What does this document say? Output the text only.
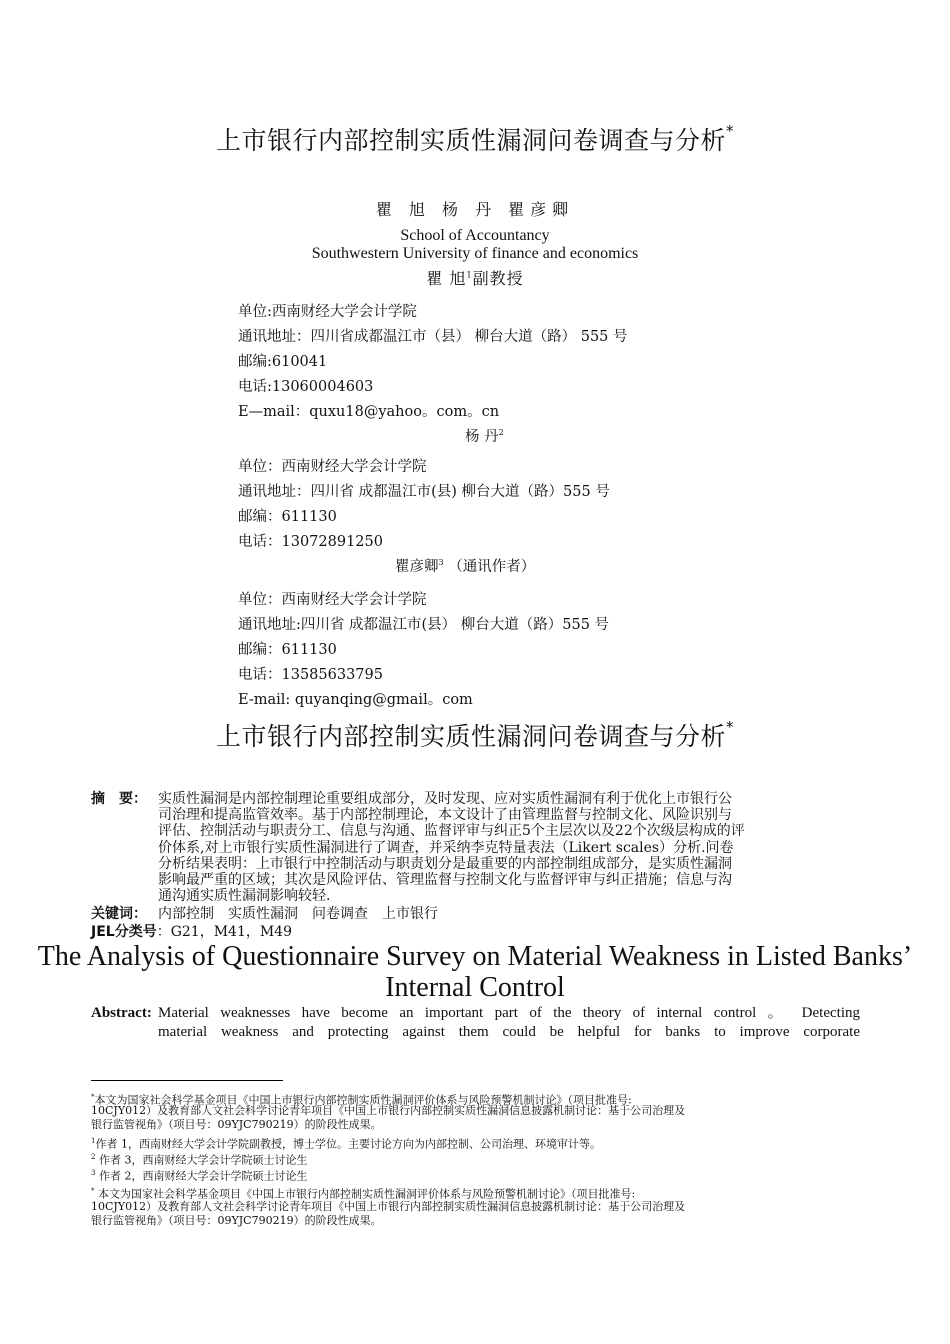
上市银行内部控制实质性漏洞问卷调查与分析*
瞿 旭 杨 丹 瞿彦卿
School of Accountancy
Southwestern University of finance and economics
瞿 旭$^1$副教授
单位:西南财经大学会计学院
通讯地址：四川省成都温江市（县） 柳台大道（路） 555 号
邮编:610041
电话:13060004603
E—mail：quxu18@yahoo。com。cn
杨 丹$^2$
单位：西南财经大学会计学院
通讯地址：四川省 成都温江市(县) 柳台大道（路）555 号
邮编：611130
电话：13072891250
瞿彦卿$^3$ （通讯作者）
单位：西南财经大学会计学院
通讯地址:四川省 成都温江市(县） 柳台大道（路）555 号
邮编：611130
电话：13585633795
E-mail: quyanqing@gmail。com
上市银行内部控制实质性漏洞问卷调查与分析*
摘　要： 实质性漏洞是内部控制理论重要组成部分，及时发现、应对实质性漏洞有利于优化上市银行公
司治理和提高监管效率。基于内部控制理论，本文设计了由管理监督与控制文化、风险识别与
评估、控制活动与职责分工、信息与沟通、监督评审与纠正5个主层次以及22个次级层构成的评
价体系,对上市银行实质性漏洞进行了调查，并采纳李克特量表法（Likert scales）分析.问卷
分析结果表明：上市银行中控制活动与职责划分是最重要的内部控制组成部分，是实质性漏洞
影响最严重的区域；其次是风险评估、管理监督与控制文化与监督评审与纠正措施；信息与沟
通沟通实质性漏洞影响较轻.
关键词： 内部控制　实质性漏洞　问卷调查　上市银行
JEL分类号：G21，M41，M49
The Analysis of Questionnaire Survey on Material Weakness in Listed Banks’ Internal Control
Abstract: Material weaknesses have become an important part of the theory of internal control 。 Detecting
material weakness and protecting against them could be helpful for banks to improve corporate
*本文为国家社会科学基金项目《中国上市银行内部控制实质性漏洞评价体系与风险预警机制讨论》（项目批准号:
10CJY012）及教育部人文社会科学讨论青年项目《中国上市银行内部控制实质性漏洞信息披露机制讨论：基于公司治理及
银行监管视角》（项目号：09YJC790219）的阶段性成果。
$^1$作者 1，西南财经大学会计学院副教授，博士学位。主要讨论方向为内部控制、公司治理、环境审计等。
$^2$ 作者 3，西南财经大学会计学院硕士讨论生
$^3$ 作者 2，西南财经大学会计学院硕士讨论生
* 本文为国家社会科学基金项目《中国上市银行内部控制实质性漏洞评价体系与风险预警机制讨论》（项目批准号:
10CJY012）及教育部人文社会科学讨论青年项目《中国上市银行内部控制实质性漏洞信息披露机制讨论：基于公司治理及
银行监管视角》（项目号：09YJC790219）的阶段性成果。
